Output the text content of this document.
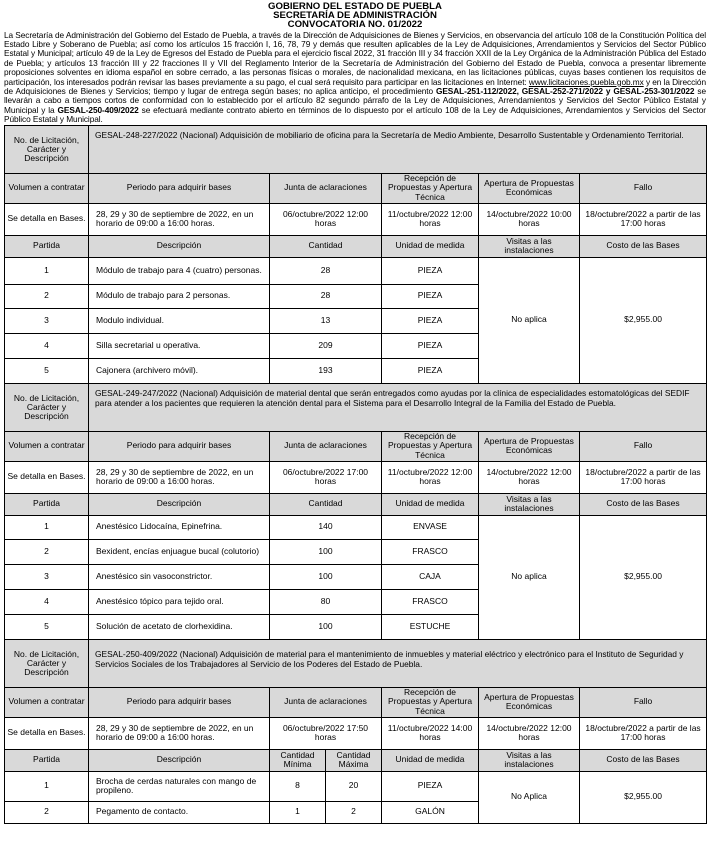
GOBIERNO DEL ESTADO DE PUEBLA
SECRETARÍA DE ADMINISTRACIÓN
CONVOCATORIA NO. 01/2022
La Secretaría de Administración del Gobierno del Estado de Puebla, a través de la Dirección de Adquisiciones de Bienes y Servicios, en observancia del artículo 108 de la Constitución Política del Estado Libre y Soberano de Puebla; así como los artículos 15 fracción I, 16, 78, 79 y demás que resulten aplicables de la Ley de Adquisiciones, Arrendamientos y Servicios del Sector Público Estatal y Municipal; artículo 49 de la Ley de Egresos del Estado de Puebla para el ejercicio fiscal 2022, 31 fracción III y 34 fracción XXII de la Ley Orgánica de la Administración Pública del Estado de Puebla; y artículos 13 fracción III y 22 fracciones II y VII del Reglamento Interior de la Secretaría de Administración del Gobierno del Estado de Puebla, convoca a presentar libremente proposiciones solventes en idioma español en sobre cerrado, a las personas físicas o morales, de nacionalidad mexicana, en las licitaciones públicas, cuyas bases contienen los requisitos de participación, los interesados podrán revisar las bases previamente a su pago, el cual será requisito para participar en las licitaciones en Internet: www.licitaciones.puebla.gob.mx y en la Dirección de Adquisiciones de Bienes y Servicios; tiempo y lugar de entrega según bases; no aplica anticipo, el procedimiento GESAL-251-112/2022, GESAL-252-271/2022 y GESAL-253-301/2022 se llevarán a cabo a tiempos cortos de conformidad con lo establecido por el artículo 82 segundo párrafo de la Ley de Adquisiciones, Arrendamientos y Servicios del Sector Público Estatal y Municipal y la GESAL-250-409/2022 se efectuará mediante contrato abierto en términos de lo dispuesto por el artículo 108 de la Ley de Adquisiciones, Arrendamientos y Servicios del Sector Público Estatal y Municipal.
No. de Licitación, Carácter y Descripción	GESAL-248-227/2022 (Nacional) Adquisición de mobiliario de oficina para la Secretaría de Medio Ambiente, Desarrollo Sustentable y Ordenamiento Territorial.					

Volumen a contratar	Periodo para adquirir bases	Junta de aclaraciones		Recepción de Propuestas y Apertura Técnica	Apertura de Propuestas Económicas	Fallo
Se detalla en Bases.	28, 29 y 30 de septiembre de 2022, en un horario de 09:00 a 16:00 horas.	06/octubre/2022 12:00 horas		11/octubre/2022 12:00 horas	14/octubre/2022 10:00 horas	18/octubre/2022 a partir de las 17:00 horas
Partida	Descripción	Cantidad		Unidad de medida	Visitas a las instalaciones	Costo de las Bases
1	Módulo de trabajo para 4 (cuatro) personas.	28		PIEZA	No aplica	$2,955.00
2	Módulo de trabajo para 2 personas.	28		PIEZA		
3	Modulo individual.	13		PIEZA		
4	Silla secretarial u operativa.	209		PIEZA		
5	Cajonera (archivero móvil).	193		PIEZA		
No. de Licitación, Carácter y Descripción	GESAL-249-247/2022 (Nacional) Adquisición de material dental que serán entregados como ayudas por la clínica de especialidades estomatológicas del SEDIF para atender a los pacientes que requieren la atención dental para el Sistema para el Desarrollo Integral de la Familia del Estado de Puebla.					

Volumen a contratar	Periodo para adquirir bases	Junta de aclaraciones		Recepción de Propuestas y Apertura Técnica	Apertura de Propuestas Económicas	Fallo
Se detalla en Bases.	28, 29 y 30 de septiembre de 2022, en un horario de 09:00 a 16:00 horas.	06/octubre/2022 17:00 horas		11/octubre/2022 12:00 horas	14/octubre/2022 12:00 horas	18/octubre/2022 a partir de las 17:00 horas
Partida	Descripción	Cantidad		Unidad de medida	Visitas a las instalaciones	Costo de las Bases
1	Anestésico Lidocaína, Epinefrina.	140		ENVASE	No aplica	$2,955.00
2	Bexident, encías enjuague bucal (colutorio)	100		FRASCO		
3	Anestésico sin vasoconstrictor.	100		CAJA		
4	Anestésico tópico para tejido oral.	80		FRASCO		
5	Solución de acetato de clorhexidina.	100		ESTUCHE		
No. de Licitación, Carácter y Descripción	GESAL-250-409/2022 (Nacional) Adquisición de material para el mantenimiento de inmuebles y material eléctrico y electrónico para el Instituto de Seguridad y Servicios Sociales de los Trabajadores al Servicio de los Poderes del Estado de Puebla.					

Volumen a contratar	Periodo para adquirir bases	Junta de aclaraciones		Recepción de Propuestas y Apertura Técnica	Apertura de Propuestas Económicas	Fallo
Se detalla en Bases.	28, 29 y 30 de septiembre de 2022, en un horario de 09:00 a 16:00 horas.	06/octubre/2022 17:50 horas		11/octubre/2022 14:00 horas	14/octubre/2022 12:00 horas	18/octubre/2022 a partir de las 17:00 horas
Partida	Descripción	Cantidad Mínima	Cantidad Máxima	Unidad de medida	Visitas a las instalaciones	Costo de las Bases
1	Brocha de cerdas naturales con mango de propileno.	8	20	PIEZA	No Aplica	$2,955.00
2	Pegamento de contacto.	1	2	GALÓN		
